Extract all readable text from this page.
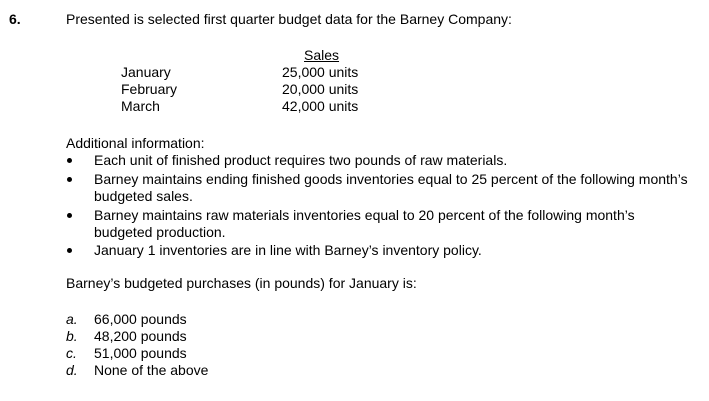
6.	Presented is selected first quarter budget data for the Barney Company:
Sales
January	25,000 units
February	20,000 units
March	42,000 units
Additional information:
Each unit of finished product requires two pounds of raw materials.
Barney maintains ending finished goods inventories equal to 25 percent of the following month’s budgeted sales.
Barney maintains raw materials inventories equal to 20 percent of the following month’s budgeted production.
January 1 inventories are in line with Barney’s inventory policy.
Barney’s budgeted purchases (in pounds) for January is:
a. 66,000 pounds
b. 48,200 pounds
c. 51,000 pounds
d. None of the above
